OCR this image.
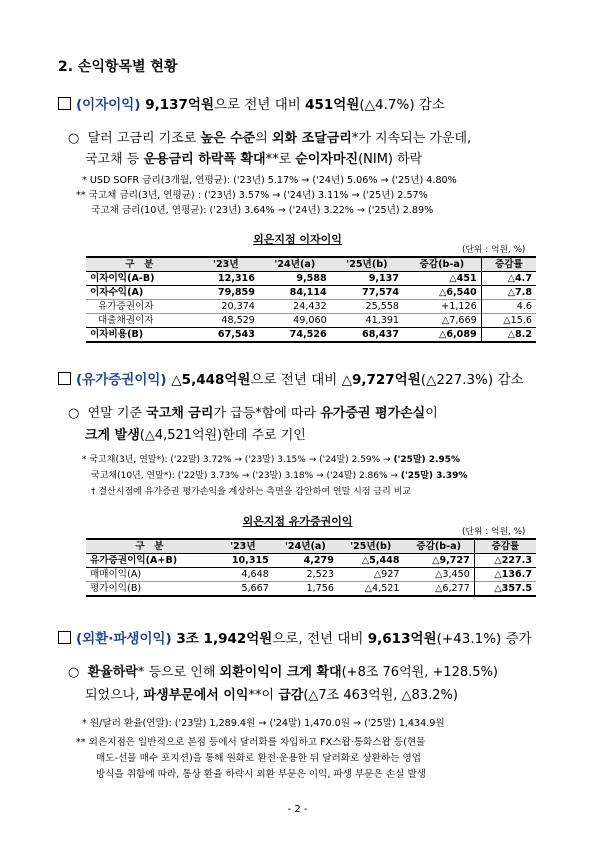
2. 손익항목별 현황
(이자이익) 9,137억원으로 전년 대비 451억원(△4.7%) 감소
○ 달러 고금리 기조로 높은 수준의 외화 조달금리*가 지속되는 가운데,
국고채 등 운용금리 하락폭 확대**로 순이자마진(NIM) 하락
* USD SOFR 금리(3개월, 연평균): ('23년) 5.17% → ('24년) 5.06% → ('25년) 4.80%
** 국고채 금리(3년, 연평균) : ('23년) 3.57% → ('24년) 3.11% → ('25년) 2.57%
국고채 금리(10년, 연평균): ('23년) 3.64% → ('24년) 3.22% → ('25년) 2.89%
외은지점 이자이익
(단위 : 억원, %)
구　분	'23년	'24년(a)	'25년(b)	증감(b-a)	증감률
이자이익(A-B)	12,316	9,588	9,137	△451	△4.7
이자수익(A)	79,859	84,114	77,574	△6,540	△7.8
유가증권이자	20,374	24,432	25,558	+1,126	4.6
대출채권이자	48,529	49,060	41,391	△7,669	△15.6
이자비용(B)	67,543	74,526	68,437	△6,089	△8.2
(유가증권이익) △5,448억원으로 전년 대비 △9,727억원(△227.3%) 감소
○ 연말 기준 국고채 금리가 급등*함에 따라 유가증권 평가손실이
크게 발생(△4,521억원)한데 주로 기인
* 국고채(3년, 연말*): ('22말) 3.72% → ('23말) 3.15% → ('24말) 2.59% → ('25말) 2.95%
국고채(10년, 연말*): ('22말) 3.73% → ('23말) 3.18% → ('24말) 2.86% → ('25말) 3.39%
† 결산시점에 유가증권 평가손익을 계상하는 측면을 감안하여 연말 시점 금리 비교
외은지점 유가증권이익
(단위 : 억원, %)
구　분	'23년	'24년(a)	'25년(b)	증감(b-a)	증감률
유가증권이익(A+B)	10,315	4,279	△5,448	△9,727	△227.3
매매이익(A)	4,648	2,523	△927	△3,450	△136.7
평가이익(B)	5,667	1,756	△4,521	△6,277	△357.5
(외환·파생이익) 3조 1,942억원으로, 전년 대비 9,613억원(+43.1%) 증가
○ 환율하락* 등으로 인해 외환이익이 크게 확대(+8조 76억원, +128.5%)
되었으나, 파생부문에서 이익**이 급감(△7조 463억원, △83.2%)
* 원/달러 환율(연말): ('23말) 1,289.4원 → ('24말) 1,470.0원 → ('25말) 1,434.9원
** 외은지점은 일반적으로 본점 등에서 달러화를 차입하고 FX스왑·통화스왑 등(현물
매도-선물 매수 포지션)을 통해 원화로 환전·운용한 뒤 달러화로 상환하는 영업
방식을 취함에 따라, 통상 환율 하락시 외환 부문은 이익, 파생 부문은 손실 발생
- 2 -
